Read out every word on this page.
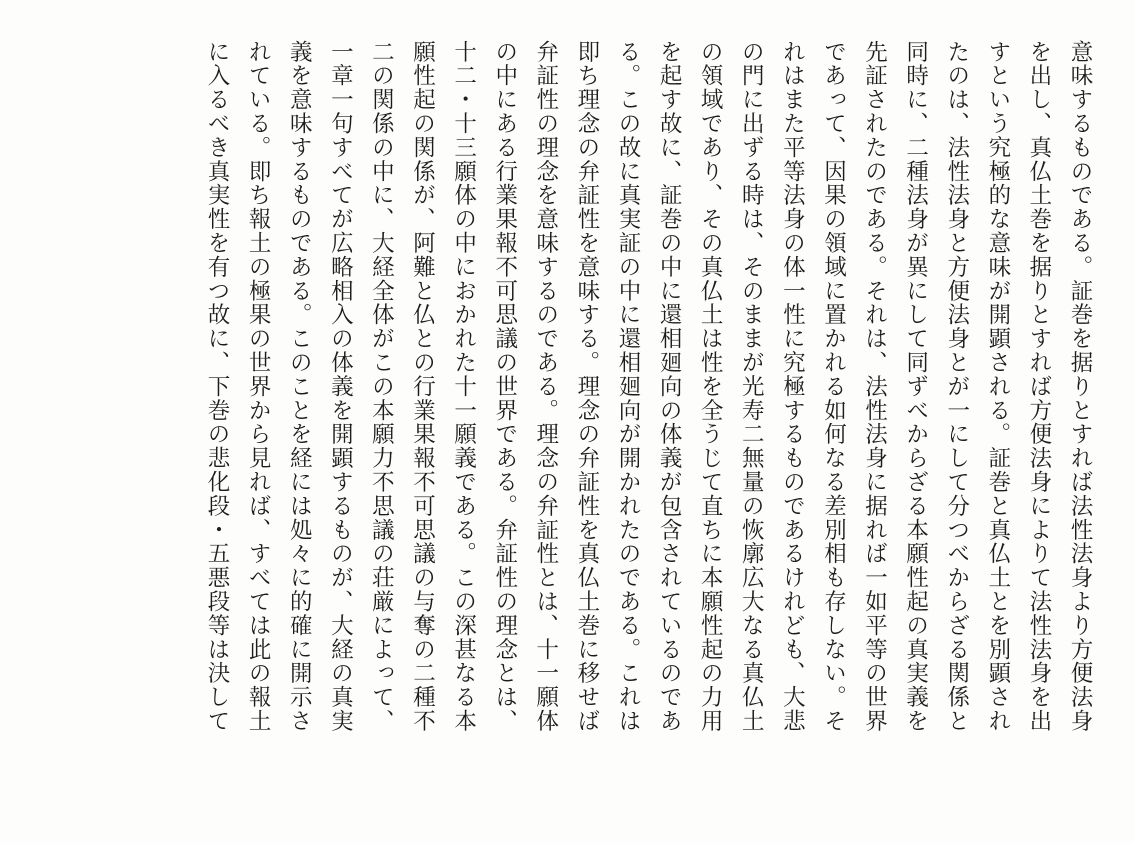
意味するものである。証巻を据りとすれば法性法身より方便法身
を出し、真仏土巻を据りとすれば方便法身によりて法性法身を出
すという究極的な意味が開顕される。証巻と真仏土とを別顕され
たのは、法性法身と方便法身とが一にして分つべからざる関係と
同時に、二種法身が異にして同ずべからざる本願性起の真実義を
先証されたのである。それは、法性法身に据れば一如平等の世界
であって、因果の領域に置かれる如何なる差別相も存しない。そ
れはまた平等法身の体一性に究極するものであるけれども、大悲
の門に出ずる時は、そのままが光寿二無量の恢廓広大なる真仏土
の領域であり、その真仏土は性を全うじて直ちに本願性起の力用
を起す故に、証巻の中に還相廻向の体義が包含されているのであ
る。この故に真実証の中に還相廻向が開かれたのである。これは
即ち理念の弁証性を意味する。理念の弁証性を真仏土巻に移せば
弁証性の理念を意味するのである。理念の弁証性とは、十一願体
の中にある行業果報不可思議の世界である。弁証性の理念とは、
十二・十三願体の中におかれた十一願義である。この深甚なる本
願性起の関係が、阿難と仏との行業果報不可思議の与奪の二種不
二の関係の中に、大経全体がこの本願力不思議の荘厳によって、
一章一句すべてが広略相入の体義を開顕するものが、大経の真実
義を意味するものである。このことを経には処々に的確に開示さ
れている。即ち報土の極果の世界から見れば、すべては此の報土
に入るべき真実性を有つ故に、下巻の悲化段・五悪段等は決して
